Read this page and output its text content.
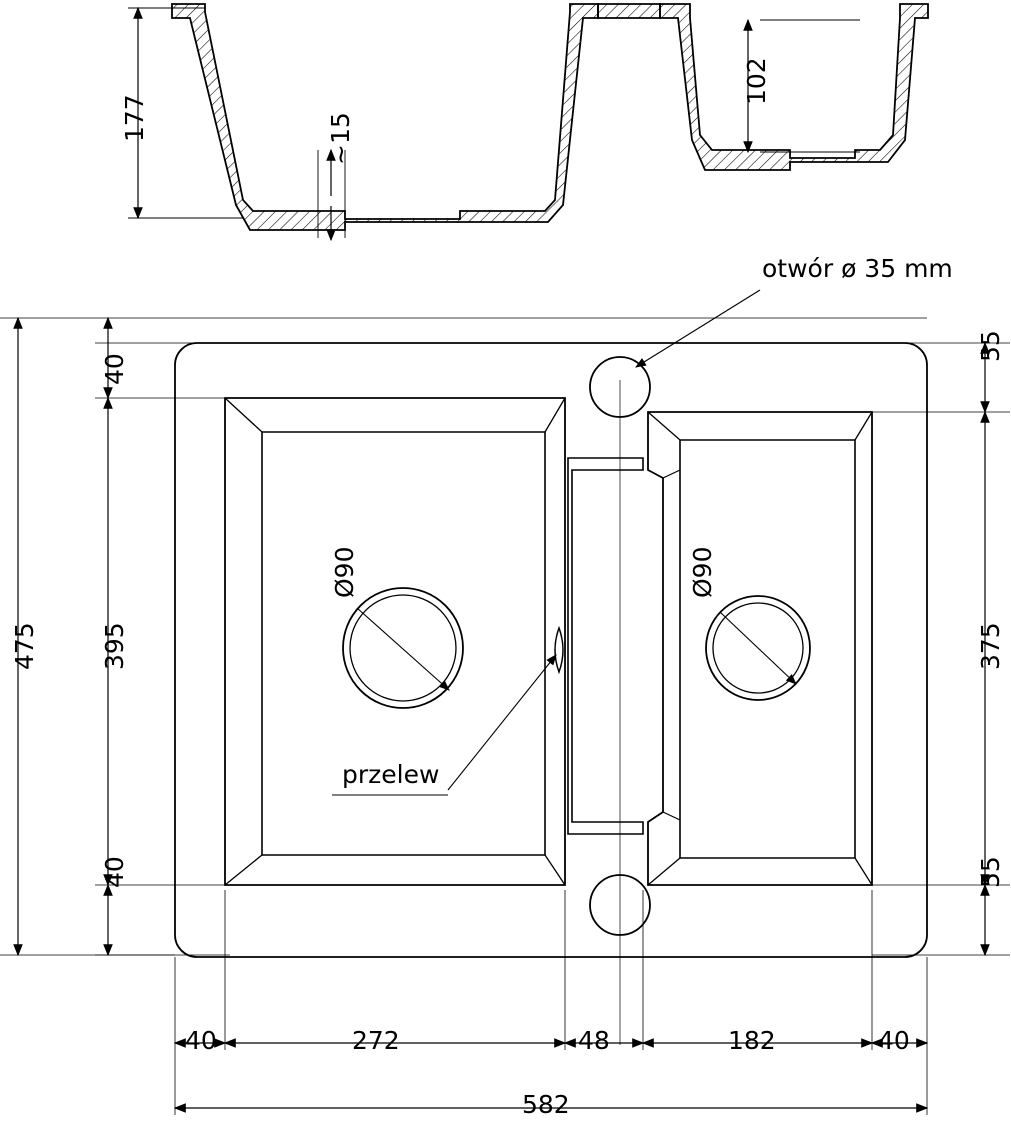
177
102
~15
otwór ø 35 mm
przelew
475 395
40
40
375
55
55
Ø90	Ø90
40	272	48	182	40
582
